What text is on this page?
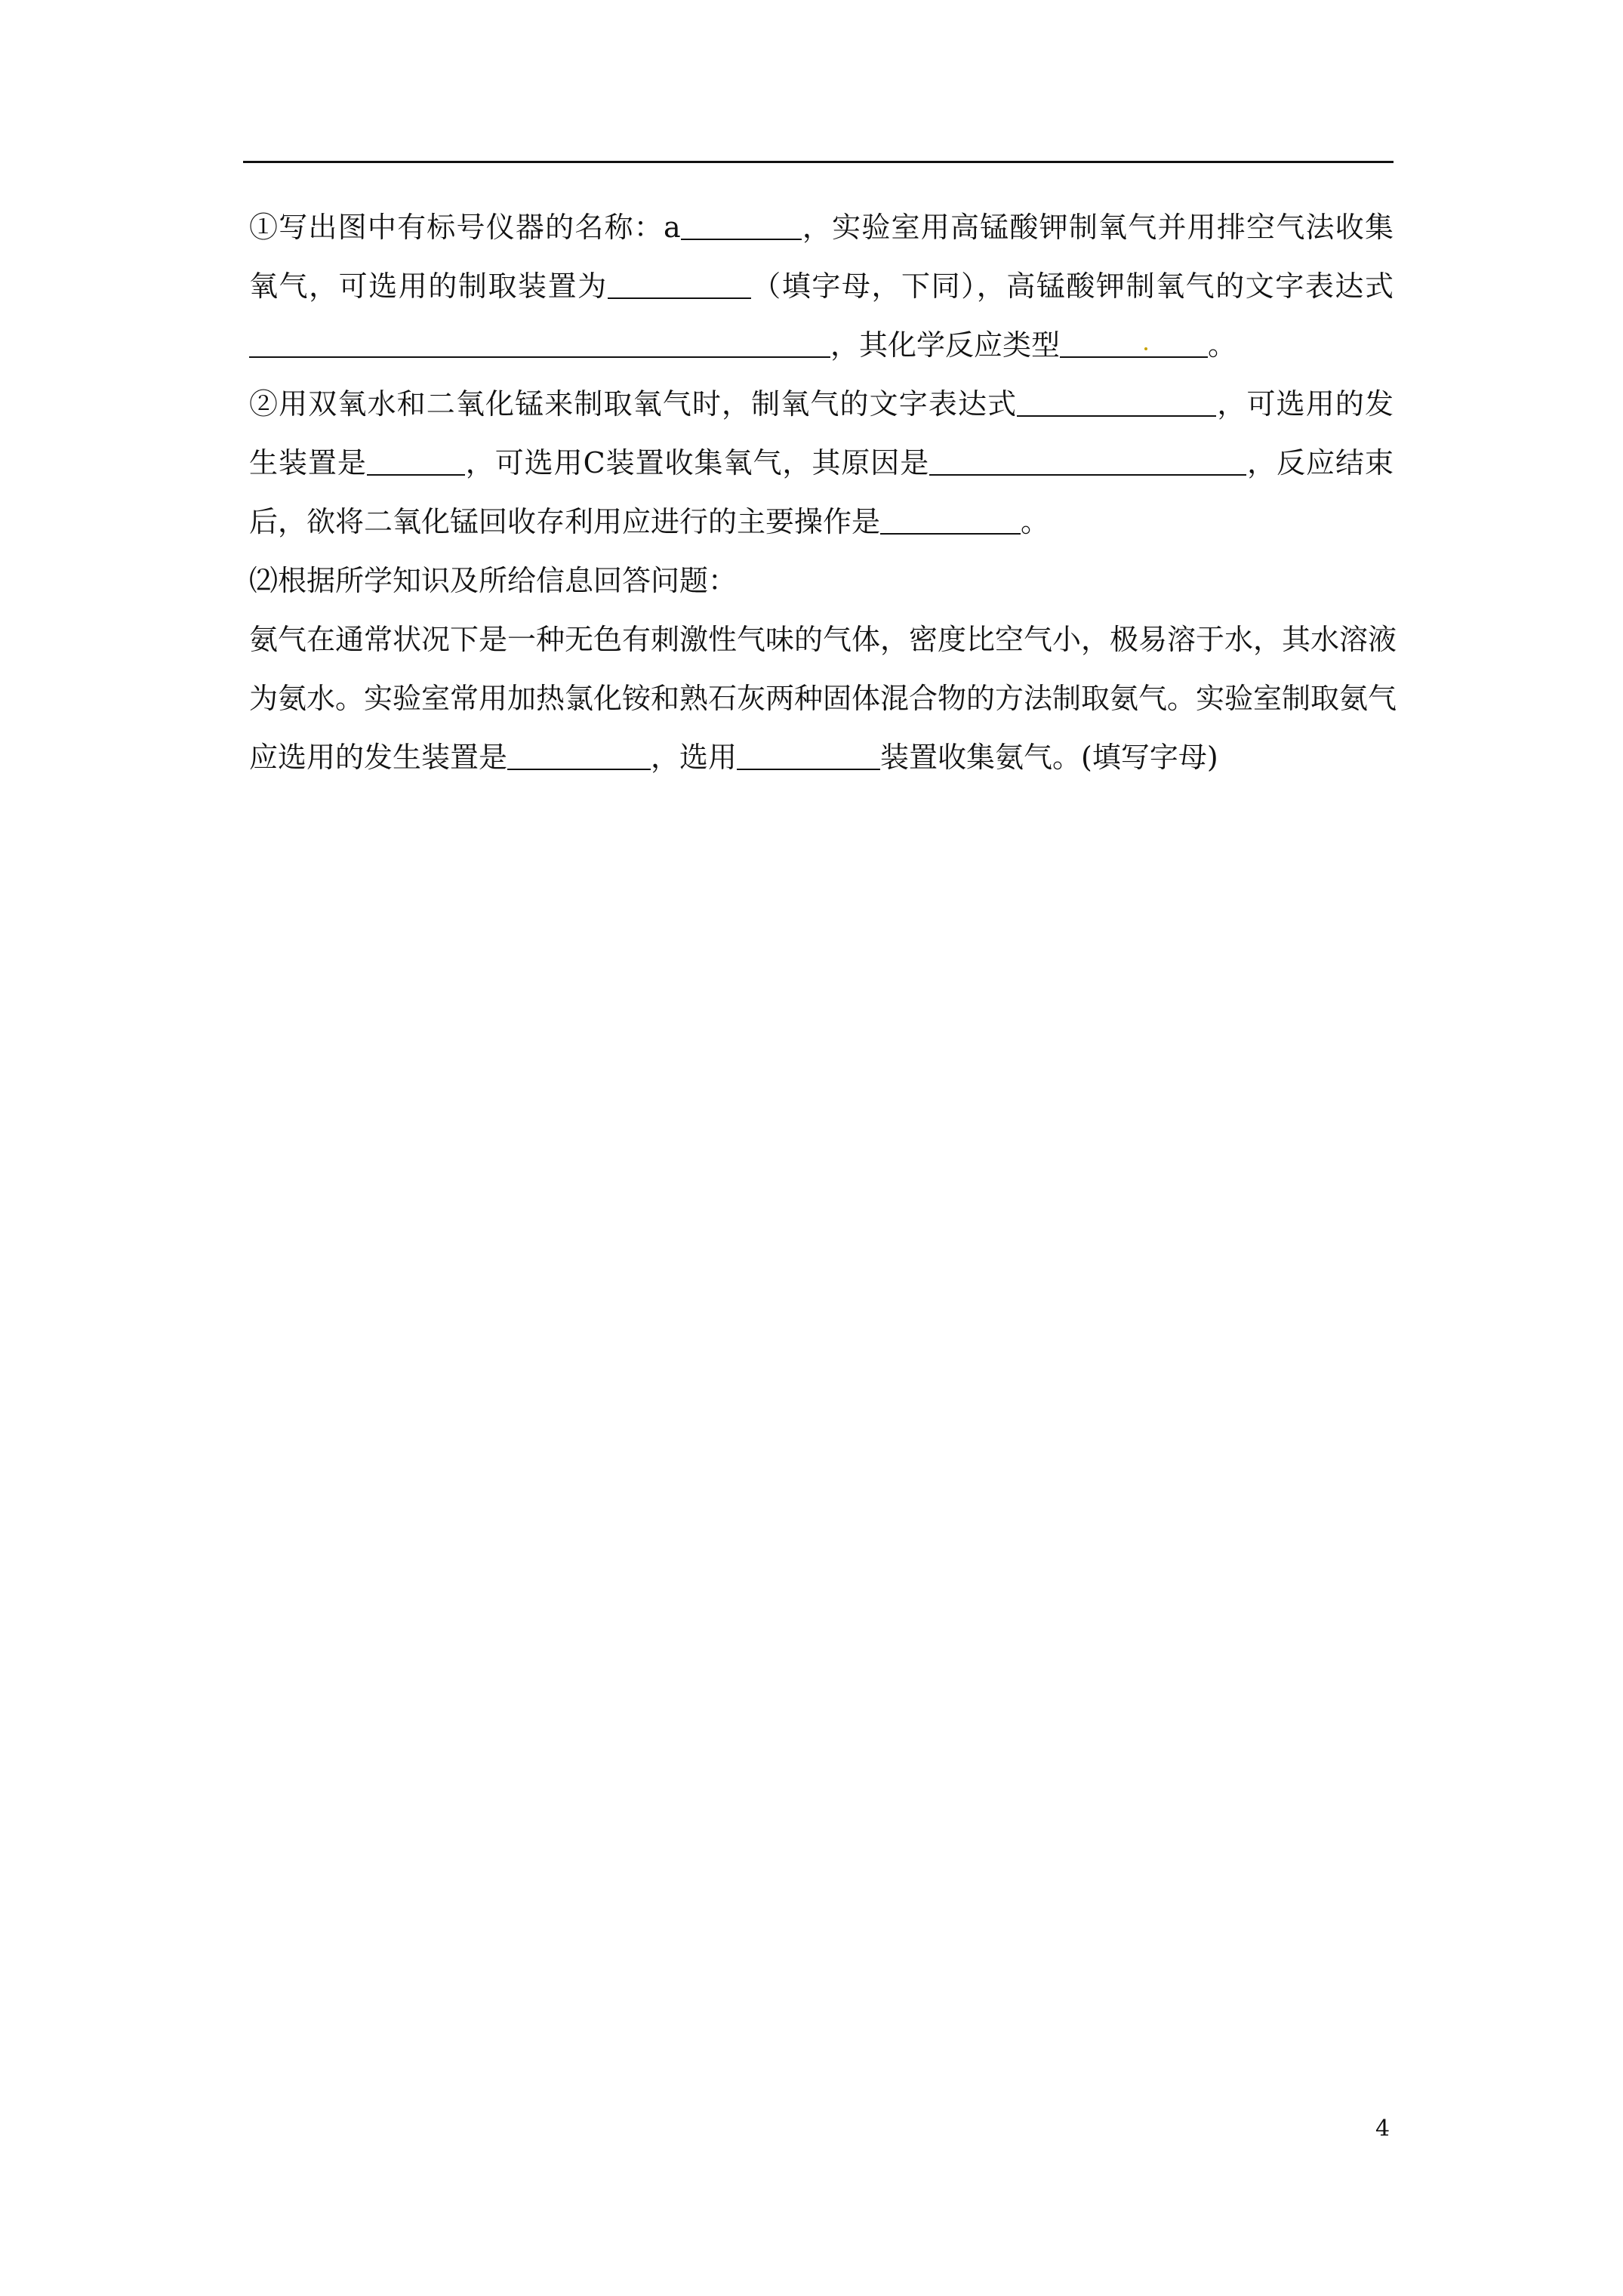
①写出图中有标号仪器的名称：a	，实验室用高锰酸钾制氧气并用排空气法收集
氧气，可选用的制取装置为	（填字母，下同），高锰酸钾制氧气的文字表达式
，其化学反应类型	。
②用双氧水和二氧化锰来制取氧气时，制氧气的文字表达式	，可选用的发
生装置是	，可选用C装置收集氧气，其原因是	，反应结束
后，欲将二氧化锰回收存利用应进行的主要操作是	。
⑵根据所学知识及所给信息回答问题：
氨气在通常状况下是一种无色有刺激性气味的气体，密度比空气小，极易溶于水，其水溶液
为氨水。实验室常用加热氯化铵和熟石灰两种固体混合物的方法制取氨气。实验室制取氨气
应选用的发生装置是	，选用	装置收集氨气。(填写字母)
4
